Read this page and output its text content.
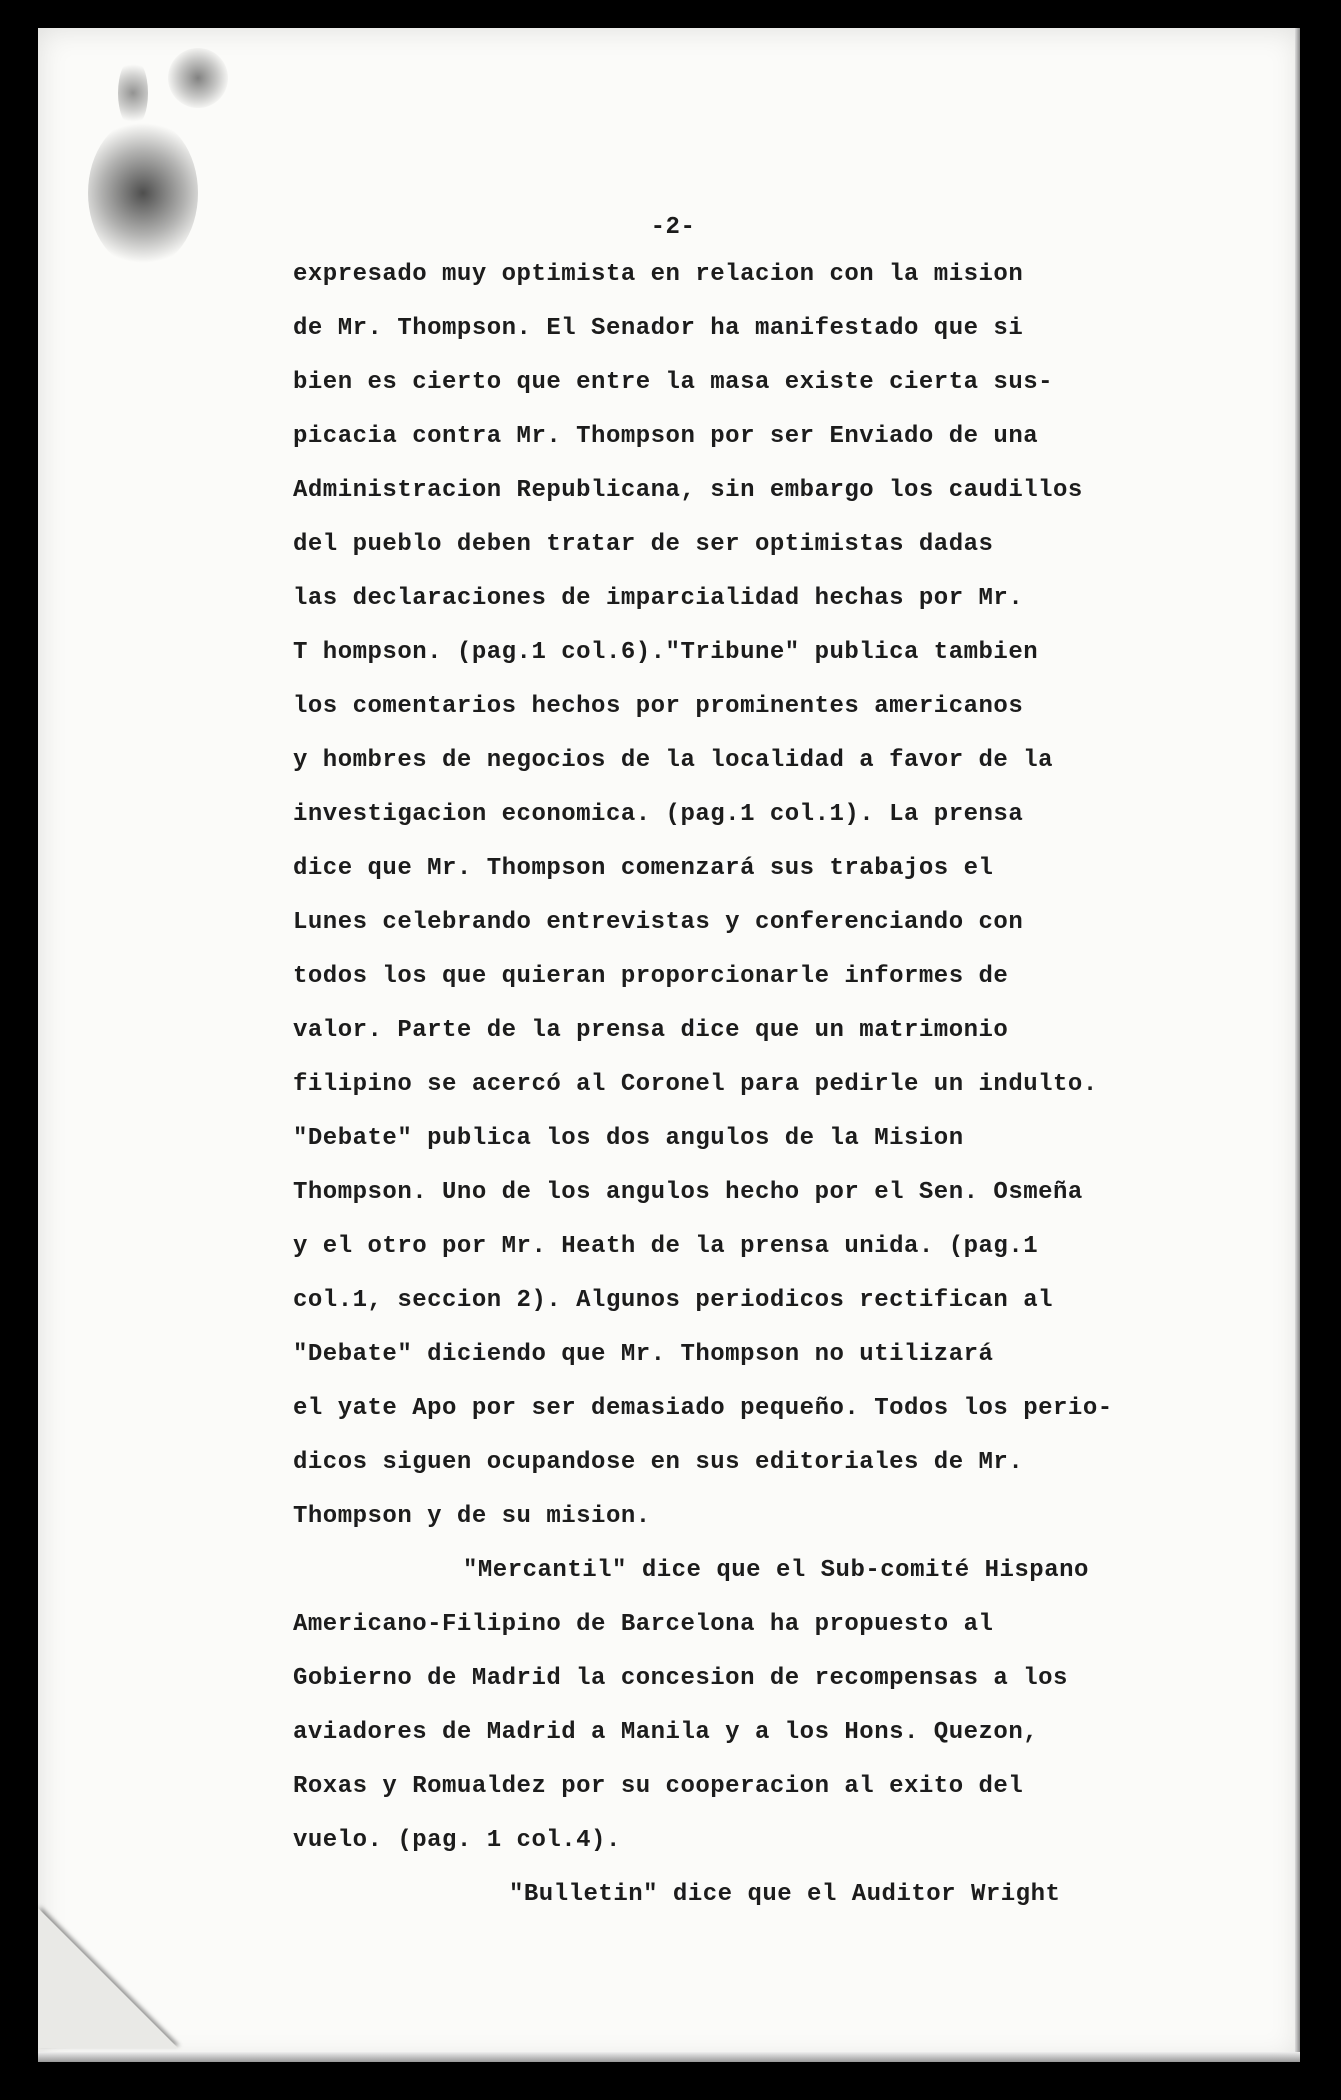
-2-
expresado muy optimista en relacion con la mision
de Mr. Thompson. El Senador ha manifestado que si
bien es cierto que entre la masa existe cierta sus-
picacia contra Mr. Thompson por ser Enviado de una
Administracion Republicana, sin embargo los caudillos
del pueblo deben tratar de ser optimistas dadas
las declaraciones de imparcialidad hechas por Mr.
T hompson. (pag.1 col.6)."Tribune" publica tambien
los comentarios hechos por prominentes americanos
y hombres de negocios de la localidad a favor de la
investigacion economica. (pag.1 col.1). La prensa
dice que Mr. Thompson comenzará sus trabajos el
Lunes celebrando entrevistas y conferenciando con
todos los que quieran proporcionarle informes de
valor. Parte de la prensa dice que un matrimonio
filipino se acercó al Coronel para pedirle un indulto.
"Debate" publica los dos angulos de la Mision
Thompson. Uno de los angulos hecho por el Sen. Osmeña
y el otro por Mr. Heath de la prensa unida. (pag.1
col.1, seccion 2). Algunos periodicos rectifican al
"Debate" diciendo que Mr. Thompson no utilizará
el yate Apo por ser demasiado pequeño. Todos los perio-
dicos siguen ocupandose en sus editoriales de Mr.
Thompson y de su mision.
"Mercantil" dice que el Sub-comité Hispano
Americano-Filipino de Barcelona ha propuesto al
Gobierno de Madrid la concesion de recompensas a los
aviadores de Madrid a Manila y a los Hons. Quezon,
Roxas y Romualdez por su cooperacion al exito del
vuelo. (pag. 1 col.4).
"Bulletin" dice que el Auditor Wright
